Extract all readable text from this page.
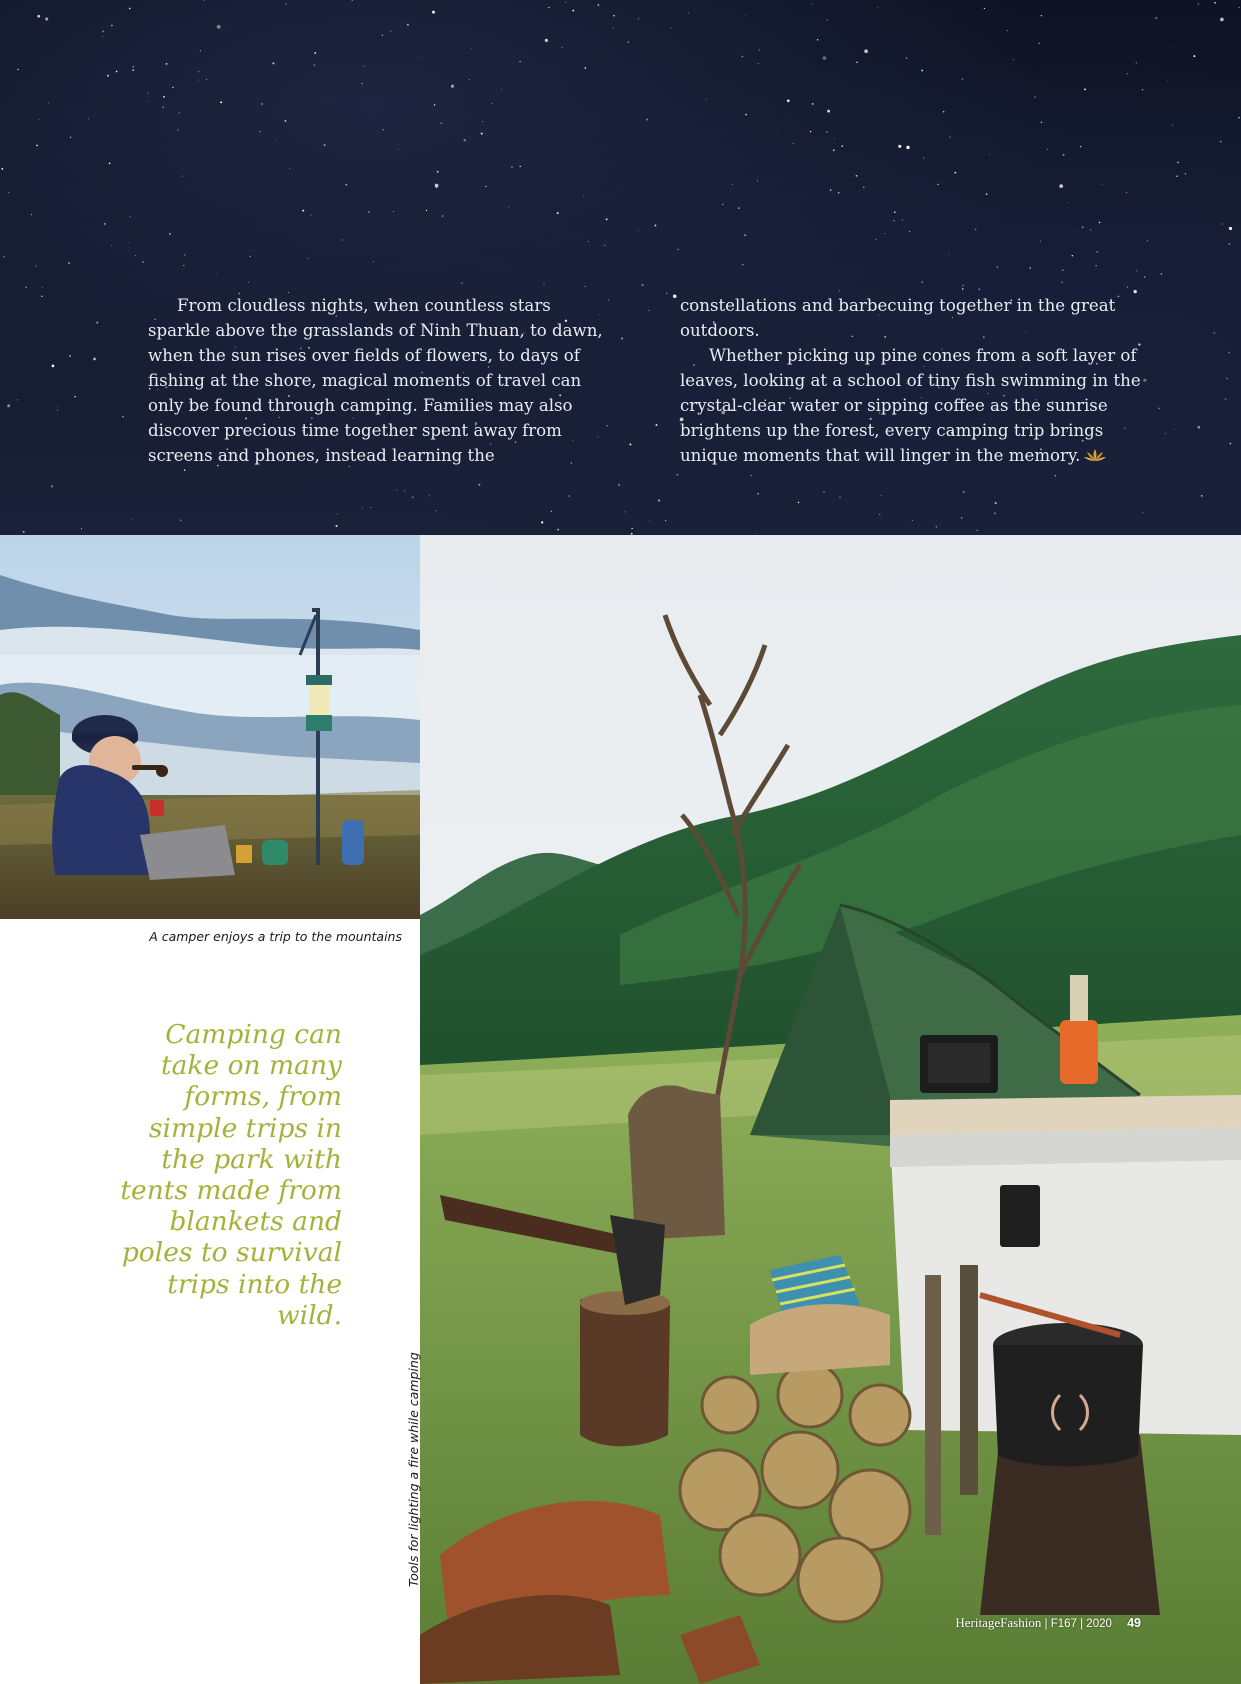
From cloudless nights, when countless stars sparkle above the grasslands of Ninh Thuan, to dawn, when the sun rises over fields of flowers, to days of fishing at the shore, magical moments of travel can only be found through camping. Families may also discover precious time together spent away from screens and phones, instead learning the

constellations and barbecuing together in the great outdoors.

Whether picking up pine cones from a soft layer of leaves, looking at a school of tiny fish swimming in the crystal-clear water or sipping coffee as the sunrise brightens up the forest, every camping trip brings unique moments that will linger in the memory.

A camper enjoys a trip to the mountains

Tools for lighting a fire while camping

Camping can take on many forms, from simple trips in the park with tents made from blankets and poles to survival trips into the wild.

HeritageFashion | F167 | 2020 49
